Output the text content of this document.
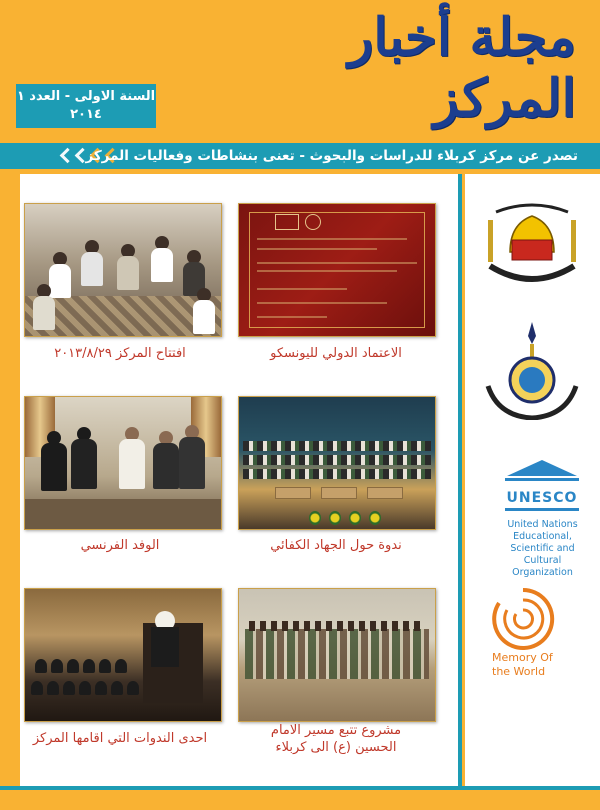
مجلة أخبار المركز
السنة الاولى - العدد ١
٢٠١٤
تصدر عن مركز كربلاء للدراسات والبحوث - تعنى بنشاطات وفعاليات المركز
الاعتماد الدولي لليونسكو
افتتاح المركز ٢٠١٣/٨/٢٩
ندوة حول الجهاد الكفائي
الوفد الفرنسي
مشروع تتبع مسير الامام
الحسين (ع) الى كربلاء
احدى الندوات التي اقامها المركز
UNESCO
United Nations
Educational, Scientific and
Cultural Organization
Memory Of
the World
